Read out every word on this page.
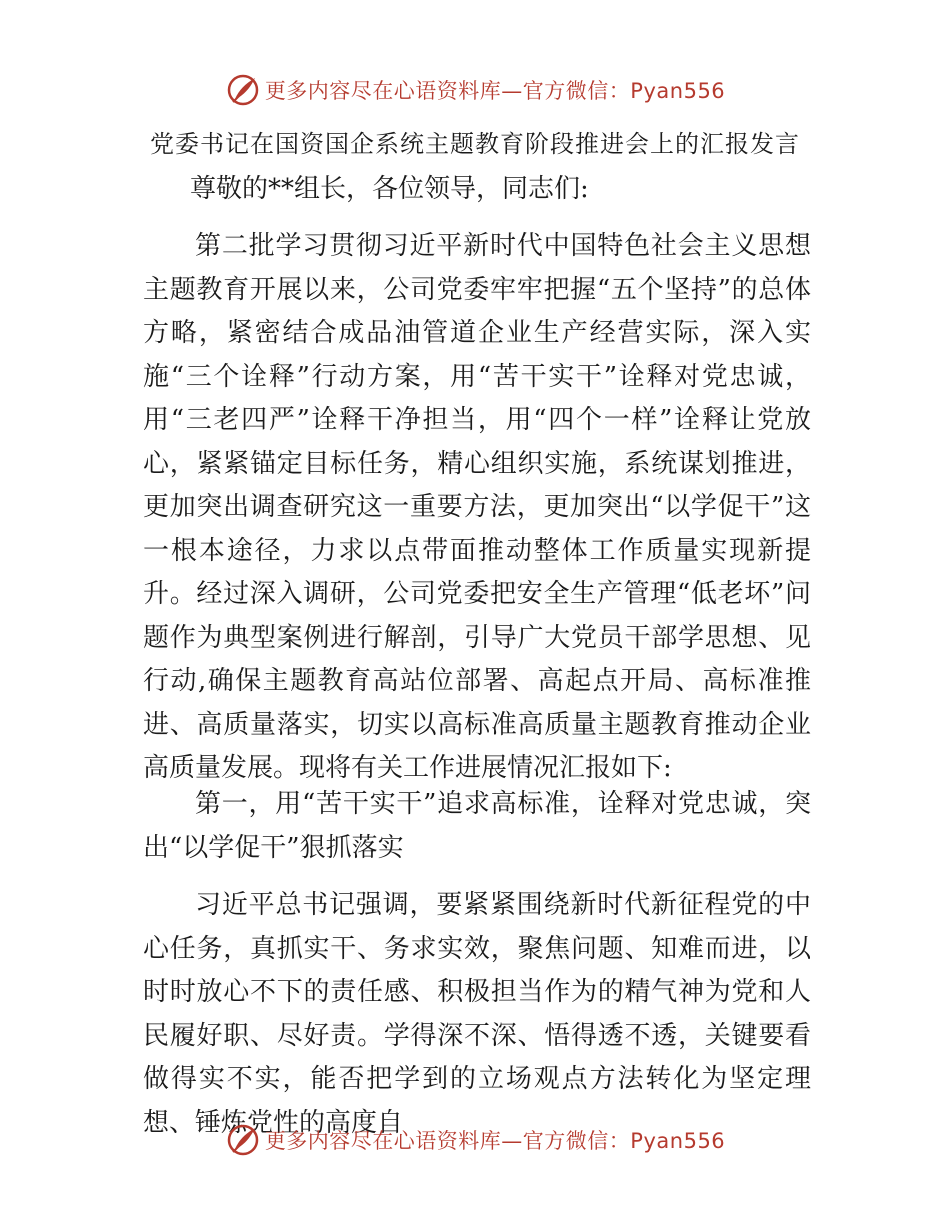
更多内容尽在心语资料库—官方微信：Pyan556
党委书记在国资国企系统主题教育阶段推进会上的汇报发言
尊敬的**组长，各位领导，同志们:

第二批学习贯彻习近平新时代中国特色社会主义思想主题教育开展以来，公司党委牢牢把握“五个坚持”的总体方略，紧密结合成品油管道企业生产经营实际，深入实施“三个诠释”行动方案，用“苦干实干”诠释对党忠诚，用“三老四严”诠释干净担当，用“四个一样”诠释让党放心，紧紧锚定目标任务，精心组织实施，系统谋划推进，更加突出调查研究这一重要方法，更加突出“以学促干”这一根本途径，力求以点带面推动整体工作质量实现新提升。经过深入调研，公司党委把安全生产管理“低老坏”问题作为典型案例进行解剖，引导广大党员干部学思想、见行动,确保主题教育高站位部署、高起点开局、高标准推进、高质量落实，切实以高标准高质量主题教育推动企业高质量发展。现将有关工作进展情况汇报如下:

第一，用“苦干实干”追求高标准，诠释对党忠诚，突出“以学促干”狠抓落实

习近平总书记强调，要紧紧围绕新时代新征程党的中心任务，真抓实干、务求实效，聚焦问题、知难而进，以时时放心不下的责任感、积极担当作为的精气神为党和人民履好职、尽好责。学得深不深、悟得透不透，关键要看做得实不实，能否把学到的立场观点方法转化为坚定理想、锤炼党性的高度自

更多内容尽在心语资料库—官方微信：Pyan556
